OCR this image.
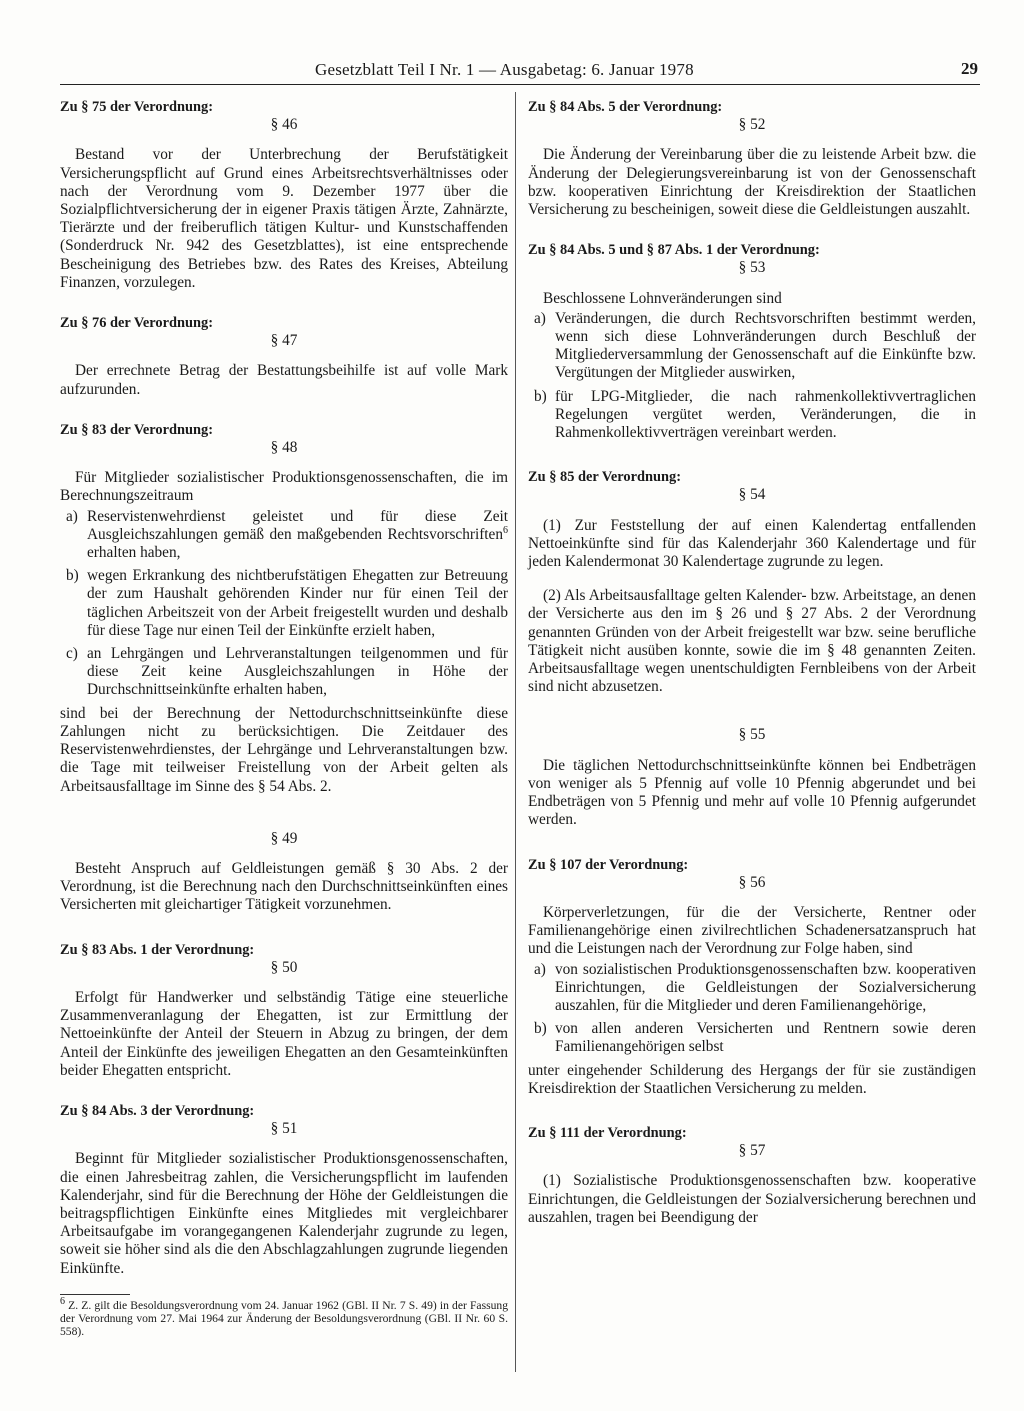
Gesetzblatt Teil I Nr. 1 — Ausgabetag: 6. Januar 1978	29

Zu § 75 der Verordnung:

§ 46

Bestand vor der Unterbrechung der Berufstätigkeit Versicherungspflicht auf Grund eines Arbeitsrechtsverhältnisses oder nach der Verordnung vom 9. Dezember 1977 über die Sozialpflichtversicherung der in eigener Praxis tätigen Ärzte, Zahnärzte, Tierärzte und der freiberuflich tätigen Kultur- und Kunstschaffenden (Sonderdruck Nr. 942 des Gesetzblattes), ist eine entsprechende Bescheinigung des Betriebes bzw. des Rates des Kreises, Abteilung Finanzen, vorzulegen.

Zu § 76 der Verordnung:

§ 47

Der errechnete Betrag der Bestattungsbeihilfe ist auf volle Mark aufzurunden.

Zu § 83 der Verordnung:

§ 48

Für Mitglieder sozialistischer Produktionsgenossenschaften, die im Berechnungszeitraum

a) Reservistenwehrdienst geleistet und für diese Zeit Ausgleichszahlungen gemäß den maßgebenden Rechtsvorschriften$^6$ erhalten haben,
b) wegen Erkrankung des nichtberufstätigen Ehegatten zur Betreuung der zum Haushalt gehörenden Kinder nur für einen Teil der täglichen Arbeitszeit von der Arbeit freigestellt wurden und deshalb für diese Tage nur einen Teil der Einkünfte erzielt haben,
c) an Lehrgängen und Lehrveranstaltungen teilgenommen und für diese Zeit keine Ausgleichszahlungen in Höhe der Durchschnittseinkünfte erhalten haben,

sind bei der Berechnung der Nettodurchschnittseinkünfte diese Zahlungen nicht zu berücksichtigen. Die Zeitdauer des Reservistenwehrdienstes, der Lehrgänge und Lehrveranstaltungen bzw. die Tage mit teilweiser Freistellung von der Arbeit gelten als Arbeitsausfalltage im Sinne des § 54 Abs. 2.

§ 49

Besteht Anspruch auf Geldleistungen gemäß § 30 Abs. 2 der Verordnung, ist die Berechnung nach den Durchschnittseinkünften eines Versicherten mit gleichartiger Tätigkeit vorzunehmen.

Zu § 83 Abs. 1 der Verordnung:

§ 50

Erfolgt für Handwerker und selbständig Tätige eine steuerliche Zusammenveranlagung der Ehegatten, ist zur Ermittlung der Nettoeinkünfte der Anteil der Steuern in Abzug zu bringen, der dem Anteil der Einkünfte des jeweiligen Ehegatten an den Gesamteinkünften beider Ehegatten entspricht.

Zu § 84 Abs. 3 der Verordnung:

§ 51

Beginnt für Mitglieder sozialistischer Produktionsgenossenschaften, die einen Jahresbeitrag zahlen, die Versicherungspflicht im laufenden Kalenderjahr, sind für die Berechnung der Höhe der Geldleistungen die beitragspflichtigen Einkünfte eines Mitgliedes mit vergleichbarer Arbeitsaufgabe im vorangegangenen Kalenderjahr zugrunde zu legen, soweit sie höher sind als die den Abschlagzahlungen zugrunde liegenden Einkünfte.

$^6$ Z. Z. gilt die Besoldungsverordnung vom 24. Januar 1962 (GBl. II Nr. 7 S. 49) in der Fassung der Verordnung vom 27. Mai 1964 zur Änderung der Besoldungsverordnung (GBl. II Nr. 60 S. 558).

Zu § 84 Abs. 5 der Verordnung:

§ 52

Die Änderung der Vereinbarung über die zu leistende Arbeit bzw. die Änderung der Delegierungsvereinbarung ist von der Genossenschaft bzw. kooperativen Einrichtung der Kreisdirektion der Staatlichen Versicherung zu bescheinigen, soweit diese die Geldleistungen auszahlt.

Zu § 84 Abs. 5 und § 87 Abs. 1 der Verordnung:

§ 53

Beschlossene Lohnveränderungen sind

a) Veränderungen, die durch Rechtsvorschriften bestimmt werden, wenn sich diese Lohnveränderungen durch Beschluß der Mitgliederversammlung der Genossenschaft auf die Einkünfte bzw. Vergütungen der Mitglieder auswirken,
b) für LPG-Mitglieder, die nach rahmenkollektivvertraglichen Regelungen vergütet werden, Veränderungen, die in Rahmenkollektivverträgen vereinbart werden.

Zu § 85 der Verordnung:

§ 54

(1) Zur Feststellung der auf einen Kalendertag entfallenden Nettoeinkünfte sind für das Kalenderjahr 360 Kalendertage und für jeden Kalendermonat 30 Kalendertage zugrunde zu legen.

(2) Als Arbeitsausfalltage gelten Kalender- bzw. Arbeitstage, an denen der Versicherte aus den im § 26 und § 27 Abs. 2 der Verordnung genannten Gründen von der Arbeit freigestellt war bzw. seine berufliche Tätigkeit nicht ausüben konnte, sowie die im § 48 genannten Zeiten. Arbeitsausfalltage wegen unentschuldigten Fernbleibens von der Arbeit sind nicht abzusetzen.

§ 55

Die täglichen Nettodurchschnittseinkünfte können bei Endbeträgen von weniger als 5 Pfennig auf volle 10 Pfennig abgerundet und bei Endbeträgen von 5 Pfennig und mehr auf volle 10 Pfennig aufgerundet werden.

Zu § 107 der Verordnung:

§ 56

Körperverletzungen, für die der Versicherte, Rentner oder Familienangehörige einen zivilrechtlichen Schadenersatzanspruch hat und die Leistungen nach der Verordnung zur Folge haben, sind

a) von sozialistischen Produktionsgenossenschaften bzw. kooperativen Einrichtungen, die Geldleistungen der Sozialversicherung auszahlen, für die Mitglieder und deren Familienangehörige,
b) von allen anderen Versicherten und Rentnern sowie deren Familienangehörigen selbst

unter eingehender Schilderung des Hergangs der für sie zuständigen Kreisdirektion der Staatlichen Versicherung zu melden.

Zu § 111 der Verordnung:

§ 57

(1) Sozialistische Produktionsgenossenschaften bzw. kooperative Einrichtungen, die Geldleistungen der Sozialversicherung berechnen und auszahlen, tragen bei Beendigung der
